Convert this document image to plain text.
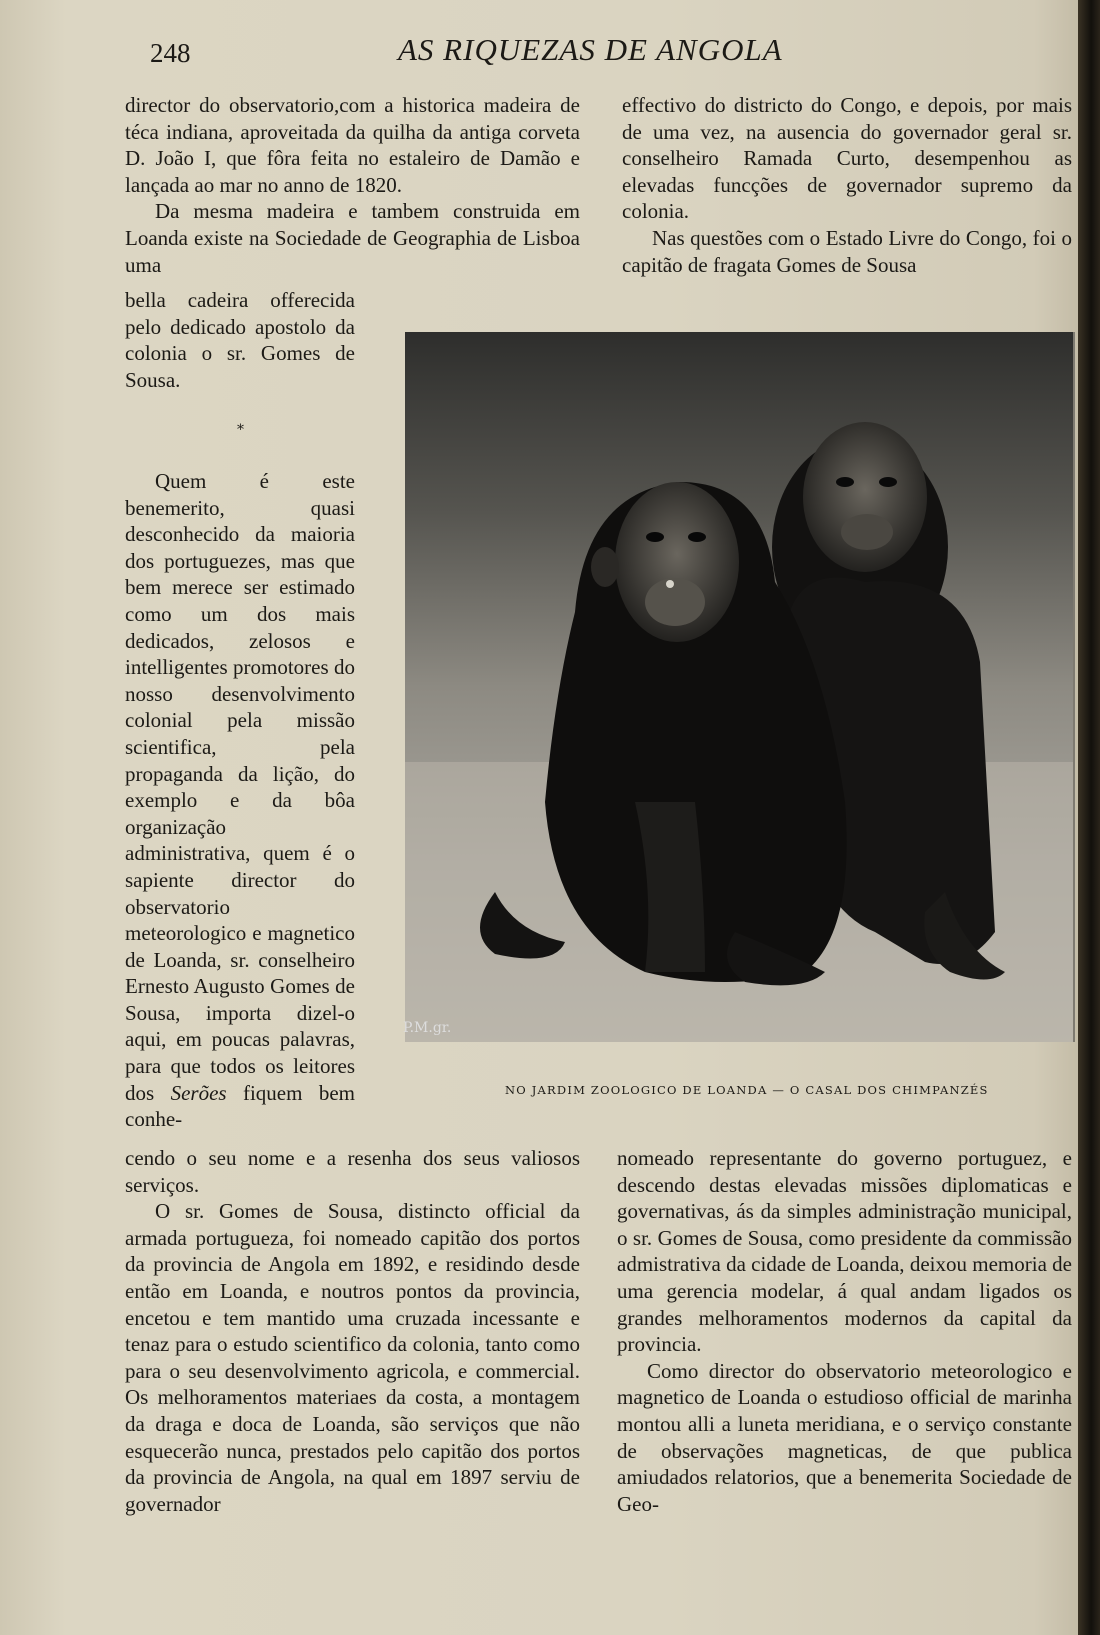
248	AS RIQUEZAS DE ANGOLA

director do observatorio,com a historica madeira de téca indiana, aproveitada da quilha da antiga corveta D. João I, que fôra feita no estaleiro de Damão e lançada ao mar no anno de 1820.

Da mesma madeira e tambem construida em Loanda existe na Sociedade de Geographia de Lisboa uma

bella cadeira offerecida pelo dedicado apostolo da colonia o sr. Gomes de Sousa.

*

Quem é este benemerito, quasi desconhecido da maioria dos portuguezes, mas que bem merece ser estimado como um dos mais dedicados, zelosos e intelligentes promotores do nosso desenvolvimento colonial pela missão scientifica, pela propaganda da lição, do exemplo e da bôa organização administrativa, quem é o sapiente director do observatorio meteorologico e magnetico de Loanda, sr. conselheiro Ernesto Augusto Gomes de Sousa, importa dizel-o aqui, em poucas palavras, para que todos os leitores dos Serões fiquem bem conhe-

cendo o seu nome e a resenha dos seus valiosos serviços.

O sr. Gomes de Sousa, distincto official da armada portugueza, foi nomeado capitão dos portos da provincia de Angola em 1892, e residindo desde então em Loanda, e noutros pontos da provincia, encetou e tem mantido uma cruzada incessante e tenaz para o estudo scientifico da colonia, tanto como para o seu desenvolvimento agricola, e commercial. Os melhoramentos materiaes da costa, a montagem da draga e doca de Loanda, são serviços que não esquecerão nunca, prestados pelo capitão dos portos da provincia de Angola, na qual em 1897 serviu de governador

effectivo do districto do Congo, e depois, por mais de uma vez, na ausencia do governador geral sr. conselheiro Ramada Curto, desempenhou as elevadas funcções de governador supremo da colonia.

Nas questões com o Estado Livre do Congo, foi o capitão de fragata Gomes de Sousa

P.M.gr.
NO JARDIM ZOOLOGICO DE LOANDA — O CASAL DOS CHIMPANZÉS

nomeado representante do governo portuguez, e descendo destas elevadas missões diplomaticas e governativas, ás da simples administração municipal, o sr. Gomes de Sousa, como presidente da commissão admistrativa da cidade de Loanda, deixou memoria de uma gerencia modelar, á qual andam ligados os grandes melhoramentos modernos da capital da provincia.

Como director do observatorio meteorologico e magnetico de Loanda o estudioso official de marinha montou alli a luneta meridiana, e o serviço constante de observações magneticas, de que publica amiudados relatorios, que a benemerita Sociedade de Geo-
